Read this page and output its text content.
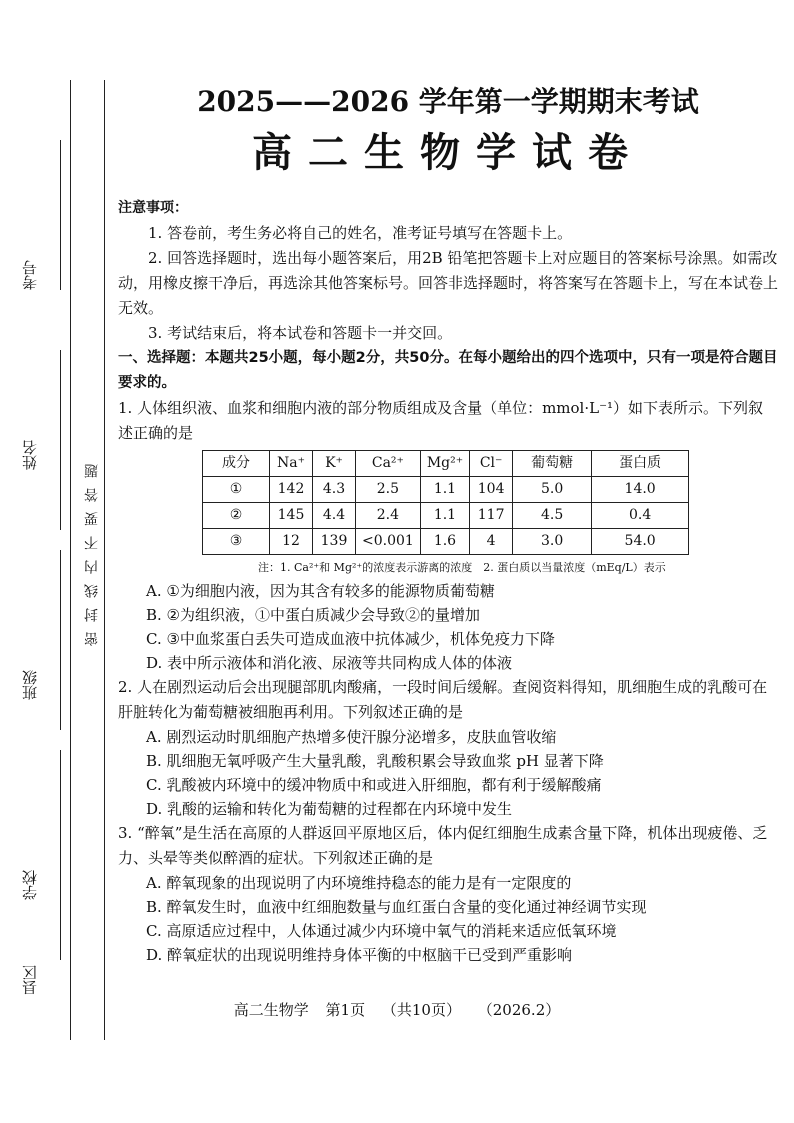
考号
姓名
班级
学校
县区
密封线内不要答题
2025——2026 学年第一学期期末考试
高二生物学试卷
注意事项：
1. 答卷前，考生务必将自己的姓名，准考证号填写在答题卡上。
2. 回答选择题时，选出每小题答案后，用2B 铅笔把答题卡上对应题目的答案标号涂黑。如需改动，用橡皮擦干净后，再选涂其他答案标号。回答非选择题时，将答案写在答题卡上，写在本试卷上无效。
3. 考试结束后，将本试卷和答题卡一并交回。
一、选择题：本题共25小题，每小题2分，共50分。在每小题给出的四个选项中，只有一项是符合题目要求的。
1. 人体组织液、血浆和细胞内液的部分物质组成及含量（单位：mmol·L⁻¹）如下表所示。下列叙述正确的是
成分	Na⁺	K⁺	Ca²⁺	Mg²⁺	Cl⁻	葡萄糖	蛋白质
①	142	4.3	2.5	1.1	104	5.0	14.0
②	145	4.4	2.4	1.1	117	4.5	0.4
③	12	139	<0.001	1.6	4	3.0	54.0
注：1. Ca²⁺和 Mg²⁺的浓度表示游离的浓度　2. 蛋白质以当量浓度（mEq/L）表示
A. ①为细胞内液，因为其含有较多的能源物质葡萄糖
B. ②为组织液，①中蛋白质减少会导致②的量增加
C. ③中血浆蛋白丢失可造成血液中抗体减少，机体免疫力下降
D. 表中所示液体和消化液、尿液等共同构成人体的体液
2. 人在剧烈运动后会出现腿部肌肉酸痛，一段时间后缓解。查阅资料得知，肌细胞生成的乳酸可在肝脏转化为葡萄糖被细胞再利用。下列叙述正确的是
A. 剧烈运动时肌细胞产热增多使汗腺分泌增多，皮肤血管收缩
B. 肌细胞无氧呼吸产生大量乳酸，乳酸积累会导致血浆 pH 显著下降
C. 乳酸被内环境中的缓冲物质中和或进入肝细胞，都有利于缓解酸痛
D. 乳酸的运输和转化为葡萄糖的过程都在内环境中发生
3. “醉氧”是生活在高原的人群返回平原地区后，体内促红细胞生成素含量下降，机体出现疲倦、乏力、头晕等类似醉酒的症状。下列叙述正确的是
A. 醉氧现象的出现说明了内环境维持稳态的能力是有一定限度的
B. 醉氧发生时，血液中红细胞数量与血红蛋白含量的变化通过神经调节实现
C. 高原适应过程中，人体通过减少内环境中氧气的消耗来适应低氧环境
D. 醉氧症状的出现说明维持身体平衡的中枢脑干已受到严重影响
高二生物学 第1页 （共10页） （2026.2）
